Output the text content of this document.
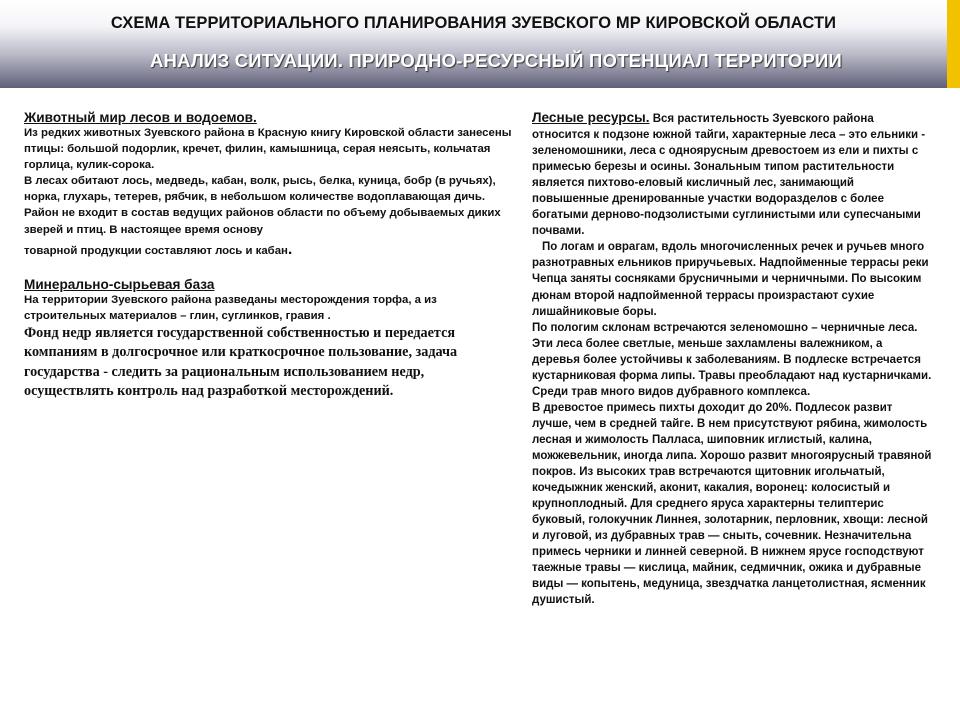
СХЕМА ТЕРРИТОРИАЛЬНОГО ПЛАНИРОВАНИЯ ЗУЕВСКОГО МР КИРОВСКОЙ ОБЛАСТИ
АНАЛИЗ СИТУАЦИИ. ПРИРОДНО-РЕСУРСНЫЙ ПОТЕНЦИАЛ ТЕРРИТОРИИ

Животный мир лесов и водоемов.

Из редких животных Зуевского района в Красную книгу Кировской области занесены птицы: большой подорлик, кречет, филин, камышница, серая неясыть, кольчатая горлица, кулик-сорока.

В лесах обитают лось, медведь, кабан, волк, рысь, белка, куница, бобр (в ручьях), норка, глухарь, тетерев, рябчик, в небольшом количестве водоплавающая дичь.

Район не входит в состав ведущих районов области по объему добываемых диких зверей и птиц. В настоящее время основу

товарной продукции составляют лось и кабан.

Минерально-сырьевая база

На территории Зуевского района разведаны месторождения торфа, а из строительных материалов – глин, суглинков, гравия .

Фонд недр является государственной собственностью и передается компаниям в долгосрочное или краткосрочное пользование, задача государства - следить за рациональным использованием недр, осуществлять контроль над разработкой месторождений.

Лесные ресурсы. Вся растительность Зуевского района относится к подзоне южной тайги, характерные леса – это ельники - зеленомошники, леса с одноярусным древостоем из ели и пихты с примесью березы и осины. Зональным типом растительности является пихтово-еловый кисличный лес, занимающий повышенные дренированные участки водоразделов с более богатыми дерново-подзолистыми суглинистыми или супесчаными почвами.

По логам и оврагам, вдоль многочисленных речек и ручьев много разнотравных ельников приручьевых. Надпойменные террасы реки Чепца заняты сосняками брусничными и черничными. По высоким дюнам второй надпойменной террасы произрастают сухие лишайниковые боры.

По пологим склонам встречаются зеленомошно – черничные леса. Эти леса более светлые, меньше захламлены валежником, а деревья более устойчивы к заболеваниям. В подлеске встречается кустарниковая форма липы. Травы преобладают над кустарничками. Среди трав много видов дубравного комплекса.

В древостое примесь пихты доходит до 20%. Подлесок развит лучше, чем в средней тайге. В нем присутствуют рябина, жимолость лесная и жимолость Палласа, шиповник иглистый, калина, можжевельник, иногда липа. Хорошо развит многоярусный травяной покров. Из высоких трав встречаются щитовник игольчатый, кочедыжник женский, аконит, какалия, воронец: колосистый и крупноплодный. Для среднего яруса характерны телиптерис буковый, голокучник Линнея, золотарник, перловник, хвощи: лесной и луговой, из дубравных трав — сныть, сочевник. Незначительна примесь черники и линней северной. В нижнем ярусе господствуют таежные травы — кислица, майник, седмичник, ожика и дубравные виды — копытень, медуница, звездчатка ланцетолистная, ясменник душистый.
